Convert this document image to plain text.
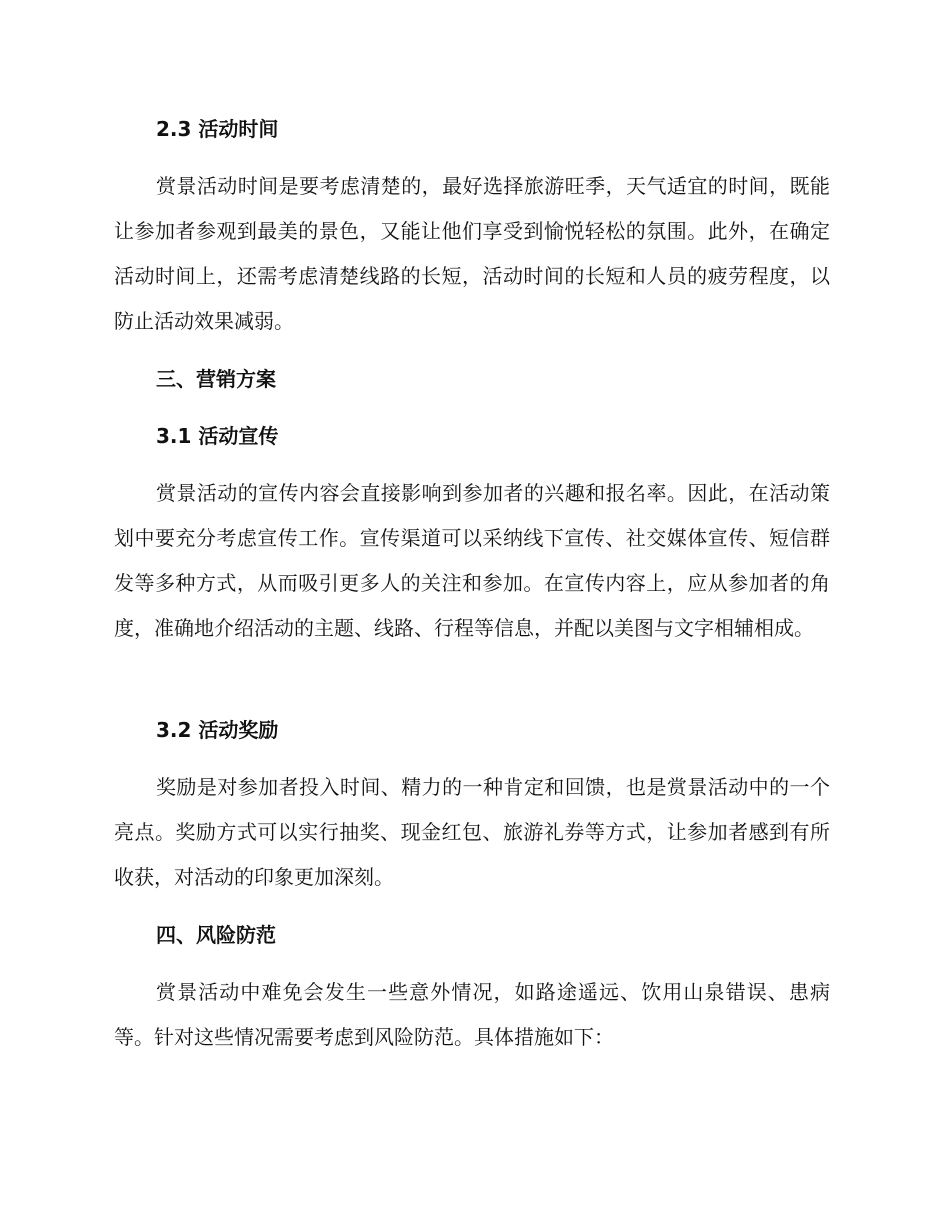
2.3 活动时间

赏景活动时间是要考虑清楚的，最好选择旅游旺季，天气适宜的时间，既能让参加者参观到最美的景色，又能让他们享受到愉悦轻松的氛围。此外，在确定活动时间上，还需考虑清楚线路的长短，活动时间的长短和人员的疲劳程度，以防止活动效果减弱。

三、营销方案
3.1 活动宣传

赏景活动的宣传内容会直接影响到参加者的兴趣和报名率。因此，在活动策划中要充分考虑宣传工作。宣传渠道可以采纳线下宣传、社交媒体宣传、短信群发等多种方式，从而吸引更多人的关注和参加。在宣传内容上，应从参加者的角度，准确地介绍活动的主题、线路、行程等信息，并配以美图与文字相辅相成。

3.2 活动奖励

奖励是对参加者投入时间、精力的一种肯定和回馈，也是赏景活动中的一个亮点。奖励方式可以实行抽奖、现金红包、旅游礼券等方式，让参加者感到有所收获，对活动的印象更加深刻。

四、风险防范

赏景活动中难免会发生一些意外情况，如路途遥远、饮用山泉错误、患病等。针对这些情况需要考虑到风险防范。具体措施如下：
